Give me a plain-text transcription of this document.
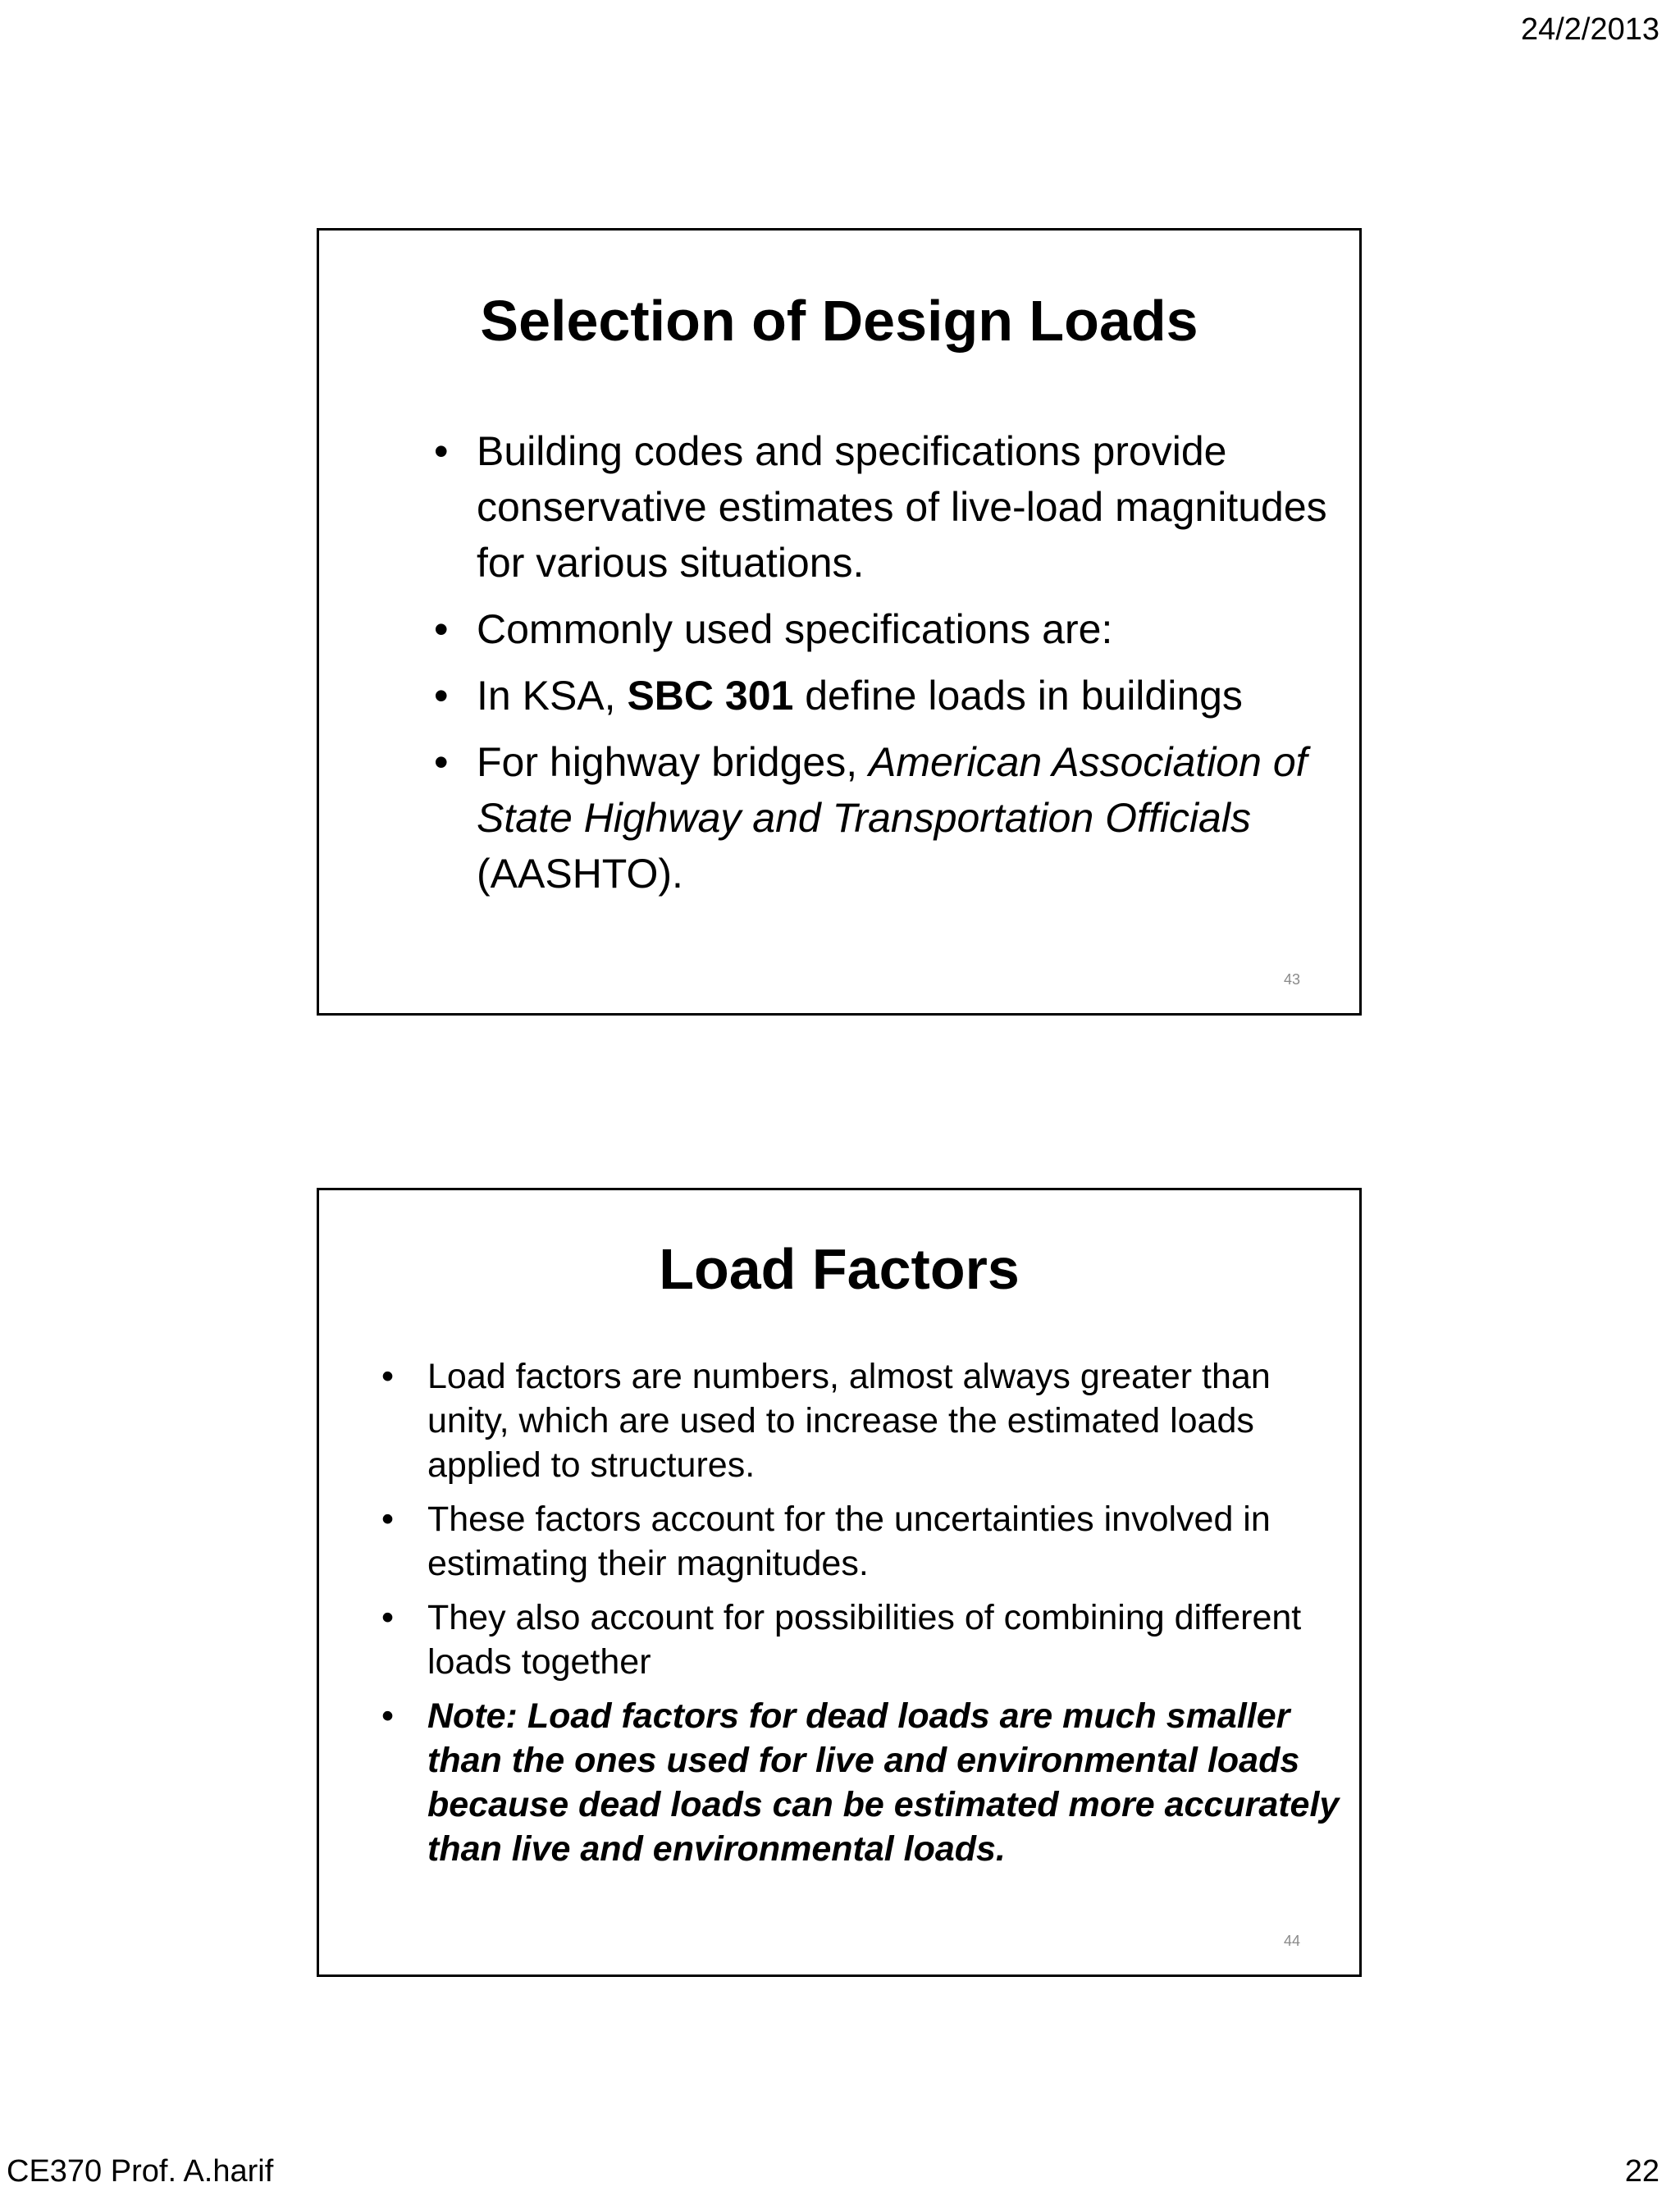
24/2/2013
Selection of Design Loads
• Building codes and specifications provide conservative estimates of live-load magnitudes for various situations.
• Commonly used specifications are:
• In KSA, SBC 301 define loads in buildings
• For highway bridges, American Association of State Highway and Transportation Officials (AASHTO).
43
Load Factors
• Load factors are numbers, almost always greater than unity, which are used to increase the estimated loads applied to structures.
• These factors account for the uncertainties involved in estimating their magnitudes.
• They also account for possibilities of combining different loads together
• Note: Load factors for dead loads are much smaller than the ones used for live and environmental loads because dead loads can be estimated more accurately than live and environmental loads.
44
CE370 Prof. A.harif	22
